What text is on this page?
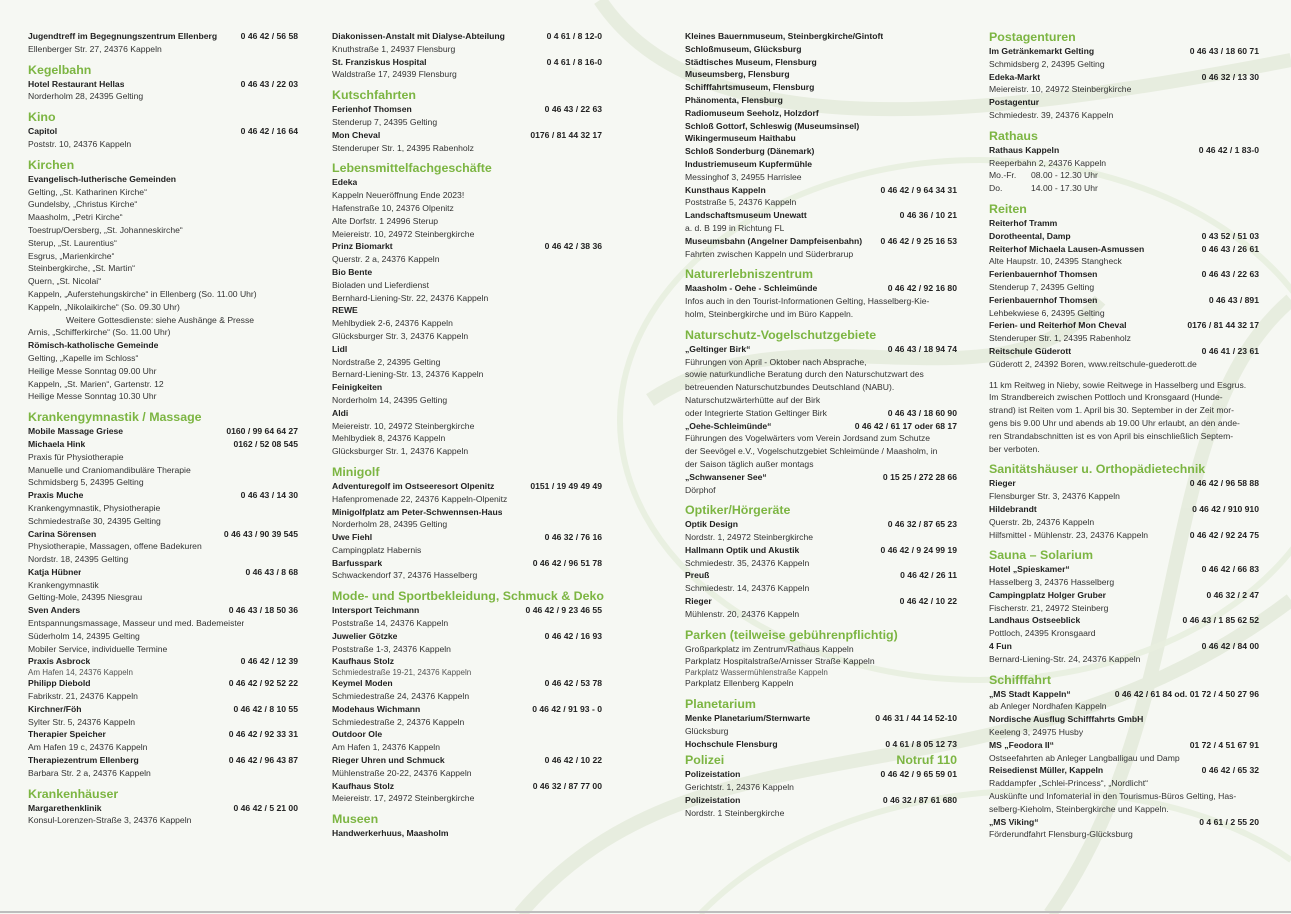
Jugendtreff im Begegnungszentrum Ellenberg	0 46 42 / 56 58
Ellenberger Str. 27, 24376 Kappeln
Kegelbahn
Hotel Restaurant Hellas	0 46 43 / 22 03
Norderholm 28, 24395 Gelting
Kino
Capitol	0 46 42 / 16 64
Poststr. 10, 24376 Kappeln
Kirchen
Evangelisch-lutherische Gemeinden
Gelting, „St. Katharinen Kirche“
Gundelsby, „Christus Kirche“
Maasholm, „Petri Kirche“
Toestrup/Oersberg, „St. Johanneskirche“
Sterup, „St. Laurentius“
Esgrus, „Marienkirche“
Steinbergkirche, „St. Martin“
Quern, „St. Nicolai“
Kappeln, „Auferstehungskirche“ in Ellenberg (So. 11.00 Uhr)
Kappeln, „Nikolaikirche“ (So. 09.30 Uhr)
Weitere Gottesdienste: siehe Aushänge & Presse
Arnis, „Schifferkirche“ (So. 11.00 Uhr)
Römisch-katholische Gemeinde
Gelting, „Kapelle im Schloss“
Heilige Messe Sonntag 09.00 Uhr
Kappeln, „St. Marien“, Gartenstr. 12
Heilige Messe Sonntag 10.30 Uhr
Krankengymnastik / Massage
Mobile Massage Griese	0160 / 99 64 64 27
Michaela Hink	0162 / 52 08 545
Praxis für Physiotherapie
Manuelle und Craniomandibuläre Therapie
Schmidsberg 5, 24395 Gelting
Praxis Muche	0 46 43 / 14 30
Krankengymnastik, Physiotherapie
Schmiedestraße 30, 24395 Gelting
Carina Sörensen	0 46 43 / 90 39 545
Physiotherapie, Massagen, offene Badekuren
Nordstr. 18, 24395 Gelting
Katja Hübner	0 46 43 / 8 68
Krankengymnastik
Gelting-Mole, 24395 Niesgrau
Sven Anders	0 46 43 / 18 50 36
Entspannungsmassage, Masseur und med. Bademeister
Süderholm 14, 24395 Gelting
Mobiler Service, individuelle Termine
Praxis Asbrock	0 46 42 / 12 39
Am Hafen 14, 24376 Kappeln
Philipp Diebold	0 46 42 / 92 52 22
Fabrikstr. 21, 24376 Kappeln
Kirchner/Föh	0 46 42 / 8 10 55
Sylter Str. 5, 24376 Kappeln
Therapier Speicher	0 46 42 / 92 33 31
Am Hafen 19 c, 24376 Kappeln
Therapiezentrum Ellenberg	0 46 42 / 96 43 87
Barbara Str. 2 a, 24376 Kappeln
Krankenhäuser
Margarethenklinik	0 46 42 / 5 21 00
Konsul-Lorenzen-Straße 3, 24376 Kappeln
Diakonissen-Anstalt mit Dialyse-Abteilung	0 4 61 / 8 12-0
Knuthstraße 1, 24937 Flensburg
St. Franziskus Hospital	0 4 61 / 8 16-0
Waldstraße 17, 24939 Flensburg
Kutschfahrten
Ferienhof Thomsen	0 46 43 / 22 63
Stenderup 7, 24395 Gelting
Mon Cheval	0176 / 81 44 32 17
Stenderuper Str. 1, 24395 Rabenholz
Lebensmittelfachgeschäfte
Edeka
Kappeln Neueröffnung Ende 2023!
Hafenstraße 10, 24376 Olpenitz
Alte Dorfstr. 1 24996 Sterup
Meiereistr. 10, 24972 Steinbergkirche
Prinz Biomarkt	0 46 42 / 38 36
Querstr. 2 a, 24376 Kappeln
Bio Bente
Bioladen und Lieferdienst
Bernhard-Liening-Str. 22, 24376 Kappeln
REWE
Mehlbydiek 2-6, 24376 Kappeln
Glücksburger Str. 3, 24376 Kappeln
Lidl
Nordstraße 2, 24395 Gelting
Bernard-Liening-Str. 13, 24376 Kappeln
Feinigkeiten
Norderholm 14, 24395 Gelting
Aldi
Meiereistr. 10, 24972 Steinbergkirche
Mehlbydiek 8, 24376 Kappeln
Glücksburger Str. 1, 24376 Kappeln
Minigolf
Adventuregolf im Ostseeresort Olpenitz	0151 / 19 49 49 49
Hafenpromenade 22, 24376 Kappeln-Olpenitz
Minigolfplatz am Peter-Schwennsen-Haus
Norderholm 28, 24395 Gelting
Uwe Fiehl	0 46 32 / 76 16
Campingplatz Habernis
Barfusspark	0 46 42 / 96 51 78
Schwackendorf 37, 24376 Hasselberg
Mode- und Sportbekleidung, Schmuck & Deko
Intersport Teichmann	0 46 42 / 9 23 46 55
Poststraße 14, 24376 Kappeln
Juwelier Götzke	0 46 42 / 16 93
Poststraße 1-3, 24376 Kappeln
Kaufhaus Stolz
Schmiedestraße 19-21, 24376 Kappeln
Keymel Moden	0 46 42 / 53 78
Schmiedestraße 24, 24376 Kappeln
Modehaus Wichmann	0 46 42 / 91 93 - 0
Schmiedestraße 2, 24376 Kappeln
Outdoor Ole
Am Hafen 1, 24376 Kappeln
Rieger Uhren und Schmuck	0 46 42 / 10 22
Mühlenstraße 20-22, 24376 Kappeln
Kaufhaus Stolz	0 46 32 / 87 77 00
Meiereistr. 17, 24972 Steinbergkirche
Museen
Handwerkerhuus, Maasholm
Kleines Bauernmuseum, Steinbergkirche/Gintoft
Schloßmuseum, Glücksburg
Städtisches Museum, Flensburg
Museumsberg, Flensburg
Schifffahrtsmuseum, Flensburg
Phänomenta, Flensburg
Radiomuseum Seeholz, Holzdorf
Schloß Gottorf, Schleswig (Museumsinsel)
Wikingermuseum Haithabu
Schloß Sonderburg (Dänemark)
Industriemuseum Kupfermühle
Messinghof 3, 24955 Harrislee
Kunsthaus Kappeln	0 46 42 / 9 64 34 31
Poststraße 5, 24376 Kappeln
Landschaftsmuseum Unewatt	0 46 36 / 10 21
a. d. B 199 in Richtung FL
Museumsbahn (Angelner Dampfeisenbahn)	0 46 42 / 9 25 16 53
Fahrten zwischen Kappeln und Süderbrarup
Naturerlebniszentrum
Maasholm - Oehe - Schleimünde	0 46 42 / 92 16 80
Infos auch in den Tourist-Informationen Gelting, Hasselberg-Kie-
holm, Steinbergkirche und im Büro Kappeln.
Naturschutz-Vogelschutzgebiete
„Geltinger Birk“	0 46 43 / 18 94 74
Führungen von April - Oktober nach Absprache,
sowie naturkundliche Beratung durch den Naturschutzwart des
betreuenden Naturschutzbundes Deutschland (NABU).
Naturschutzwärterhütte auf der Birk
oder Integrierte Station Geltinger Birk	0 46 43 / 18 60 90
„Oehe-Schleimünde“	0 46 42 / 61 17 oder 68 17
Führungen des Vogelwärters vom Verein Jordsand zum Schutze
der Seevögel e.V., Vogelschutzgebiet Schleimünde / Maasholm, in
der Saison täglich außer montags
„Schwansener See“	0 15 25 / 272 28 66
Dörphof
Optiker/Hörgeräte
Optik Design	0 46 32 / 87 65 23
Nordstr. 1, 24972 Steinbergkirche
Hallmann Optik und Akustik	0 46 42 / 9 24 99 19
Schmiedestr. 35, 24376 Kappeln
Preuß	0 46 42 / 26 11
Schmiedestr. 14, 24376 Kappeln
Rieger	0 46 42 / 10 22
Mühlenstr. 20, 24376 Kappeln
Parken (teilweise gebührenpflichtig)
Großparkplatz im Zentrum/Rathaus Kappeln
Parkplatz Hospitalstraße/Arnisser Straße Kappeln
Parkplatz Wassermühlenstraße Kappeln
Parkplatz Ellenberg Kappeln
Planetarium
Menke Planetarium/Sternwarte	0 46 31 / 44 14 52-10
Glücksburg
Hochschule Flensburg	0 4 61 / 8 05 12 73
Polizei	Notruf 110
Polizeistation	0 46 42 / 9 65 59 01
Gerichtstr. 1, 24376 Kappeln
Polizeistation	0 46 32 / 87 61 680
Nordstr. 1 Steinbergkirche
Postagenturen
Im Getränkemarkt Gelting	0 46 43 / 18 60 71
Schmidsberg 2, 24395 Gelting
Edeka-Markt	0 46 32 / 13 30
Meiereistr. 10, 24972 Steinbergkirche
Postagentur
Schmiedestr. 39, 24376 Kappeln
Rathaus
Rathaus Kappeln	0 46 42 / 1 83-0
Reeperbahn 2, 24376 Kappeln
Mo.-Fr.	08.00 - 12.30 Uhr
Do.	14.00 - 17.30 Uhr
Reiten
Reiterhof Tramm
Dorotheental, Damp	0 43 52 / 51 03
Reiterhof Michaela Lausen-Asmussen	0 46 43 / 26 61
Alte Haupstr. 10, 24395 Stangheck
Ferienbauernhof Thomsen	0 46 43 / 22 63
Stenderup 7, 24395 Gelting
Ferienbauernhof Thomsen	0 46 43 / 891
Lehbekwiese 6, 24395 Gelting
Ferien- und Reiterhof Mon Cheval	0176 / 81 44 32 17
Stenderuper Str. 1, 24395 Rabenholz
Reitschule Güderott	0 46 41 / 23 61
Güderott 2, 24392 Boren, www.reitschule-guederott.de
11 km Reitweg in Nieby, sowie Reitwege in Hasselberg und Esgrus.
Im Strandbereich zwischen Pottloch und Kronsgaard (Hunde-
strand) ist Reiten vom 1. April bis 30. September in der Zeit mor-
gens bis 9.00 Uhr und abends ab 19.00 Uhr erlaubt, an den ande-
ren Strandabschnitten ist es von April bis einschließlich Septem-
ber verboten.
Sanitätshäuser u. Orthopädietechnik
Rieger	0 46 42 / 96 58 88
Flensburger Str. 3, 24376 Kappeln
Hildebrandt	0 46 42 / 910 910
Querstr. 2b, 24376 Kappeln
Hilfsmittel - Mühlenstr. 23, 24376 Kappeln	0 46 42 / 92 24 75
Sauna – Solarium
Hotel „Spieskamer“	0 46 42 / 66 83
Hasselberg 3, 24376 Hasselberg
Campingplatz Holger Gruber	0 46 32 / 2 47
Fischerstr. 21, 24972 Steinberg
Landhaus Ostseeblick	0 46 43 / 1 85 62 52
Pottloch, 24395 Kronsgaard
4 Fun	0 46 42 / 84 00
Bernard-Liening-Str. 24, 24376 Kappeln
Schifffahrt
„MS Stadt Kappeln“	0 46 42 / 61 84 od. 01 72 / 4 50 27 96
ab Anleger Nordhafen Kappeln
Nordische Ausflug Schifffahrts GmbH
Keeleng 3, 24975 Husby
MS „Feodora II“	01 72 / 4 51 67 91
Ostseefahrten ab Anleger Langballigau und Damp
Reisedienst Müller, Kappeln	0 46 42 / 65 32
Raddampfer „Schlei-Princess“, „Nordlicht“
Auskünfte und Infomaterial in den Tourismus-Büros Gelting, Has-
selberg-Kieholm, Steinbergkirche und Kappeln.
„MS Viking“	0 4 61 / 2 55 20
Förderundfahrt Flensburg-Glücksburg
